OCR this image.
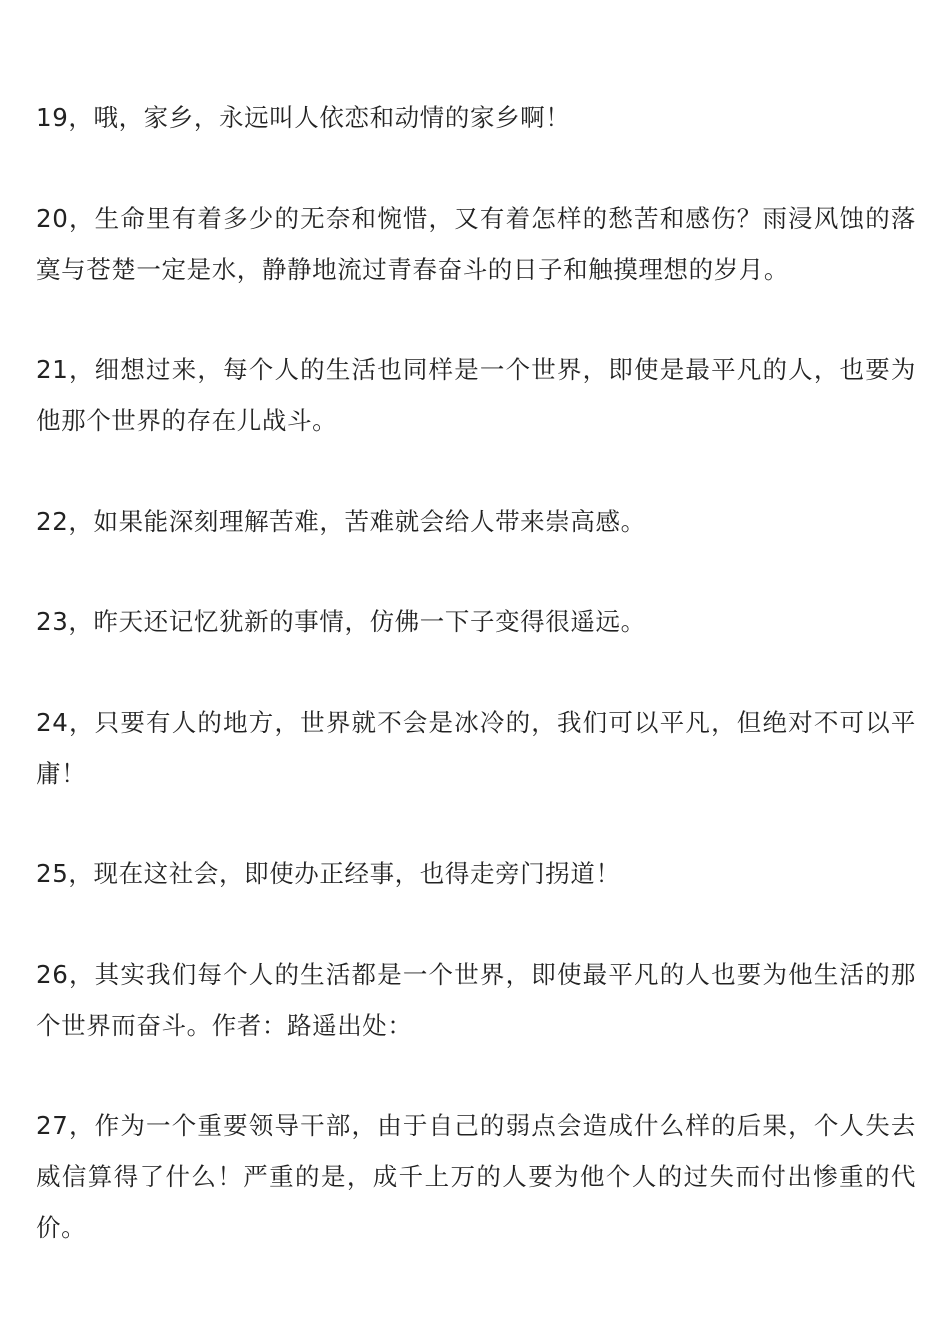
19，哦，家乡，永远叫人依恋和动情的家乡啊！

20，生命里有着多少的无奈和惋惜，又有着怎样的愁苦和感伤？雨浸风蚀的落寞与苍楚一定是水，静静地流过青春奋斗的日子和触摸理想的岁月。

21，细想过来，每个人的生活也同样是一个世界，即使是最平凡的人，也要为他那个世界的存在儿战斗。

22，如果能深刻理解苦难，苦难就会给人带来崇高感。

23，昨天还记忆犹新的事情，仿佛一下子变得很遥远。

24，只要有人的地方，世界就不会是冰冷的，我们可以平凡，但绝对不可以平庸！

25，现在这社会，即使办正经事，也得走旁门拐道！

26，其实我们每个人的生活都是一个世界，即使最平凡的人也要为他生活的那个世界而奋斗。作者：路遥出处：

27，作为一个重要领导干部，由于自己的弱点会造成什么样的后果，个人失去威信算得了什么！严重的是，成千上万的人要为他个人的过失而付出惨重的代价。
